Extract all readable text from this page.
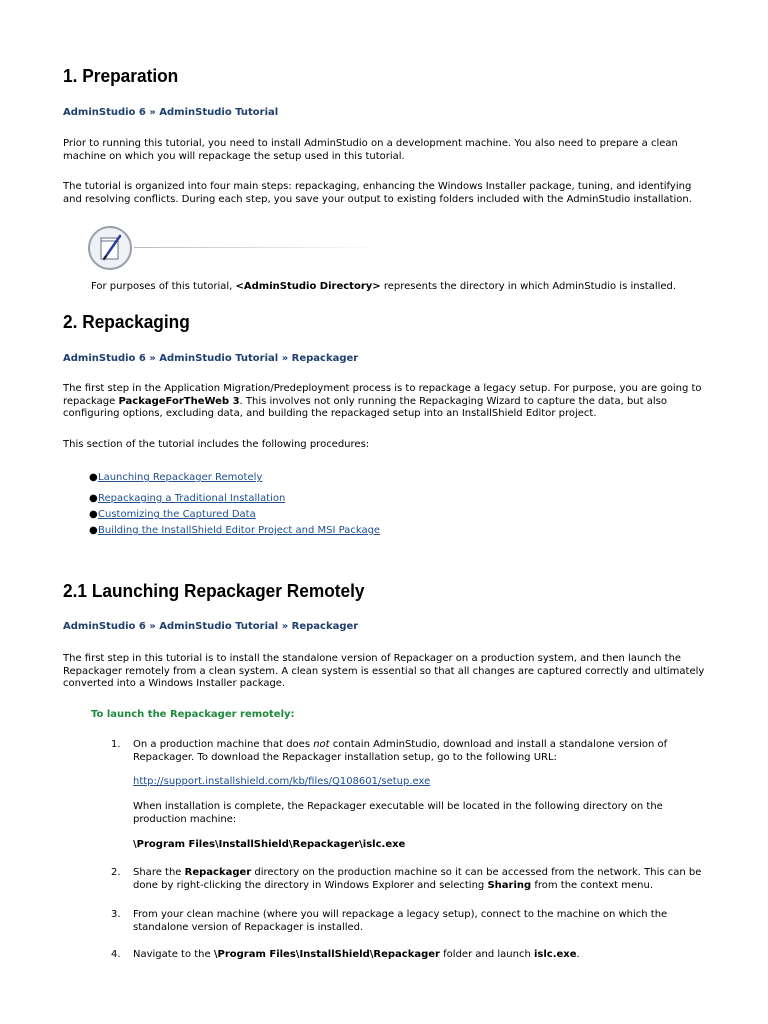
1. Preparation
AdminStudio 6 » AdminStudio Tutorial

Prior to running this tutorial, you need to install AdminStudio on a development machine. You also need to prepare a clean machine on which you will repackage the setup used in this tutorial.

The tutorial is organized into four main steps: repackaging, enhancing the Windows Installer package, tuning, and identifying and resolving conflicts. During each step, you save your output to existing folders included with the AdminStudio installation.

For purposes of this tutorial, <AdminStudio Directory> represents the directory in which AdminStudio is installed.

2. Repackaging
AdminStudio 6 » AdminStudio Tutorial » Repackager

The first step in the Application Migration/Predeployment process is to repackage a legacy setup. For purpose, you are going to repackage PackageForTheWeb 3. This involves not only running the Repackaging Wizard to capture the data, but also configuring options, excluding data, and building the repackaged setup into an InstallShield Editor project.

This section of the tutorial includes the following procedures:

●Launching Repackager Remotely
●Repackaging a Traditional Installation
●Customizing the Captured Data
●Building the InstallShield Editor Project and MSI Package
2.1 Launching Repackager Remotely
AdminStudio 6 » AdminStudio Tutorial » Repackager

The first step in this tutorial is to install the standalone version of Repackager on a production system, and then launch the Repackager remotely from a clean system. A clean system is essential so that all changes are captured correctly and ultimately converted into a Windows Installer package.

To launch the Repackager remotely:
1. On a production machine that does not contain AdminStudio, download and install a standalone version of Repackager. To download the Repackager installation setup, go to the following URL:

http://support.installshield.com/kb/files/Q108601/setup.exe

When installation is complete, the Repackager executable will be located in the following directory on the production machine:

\Program Files\InstallShield\Repackager\islc.exe

2. Share the Repackager directory on the production machine so it can be accessed from the network. This can be done by right-clicking the directory in Windows Explorer and selecting Sharing from the context menu.

3. From your clean machine (where you will repackage a legacy setup), connect to the machine on which the standalone version of Repackager is installed.

4. Navigate to the \Program Files\InstallShield\Repackager folder and launch islc.exe.
